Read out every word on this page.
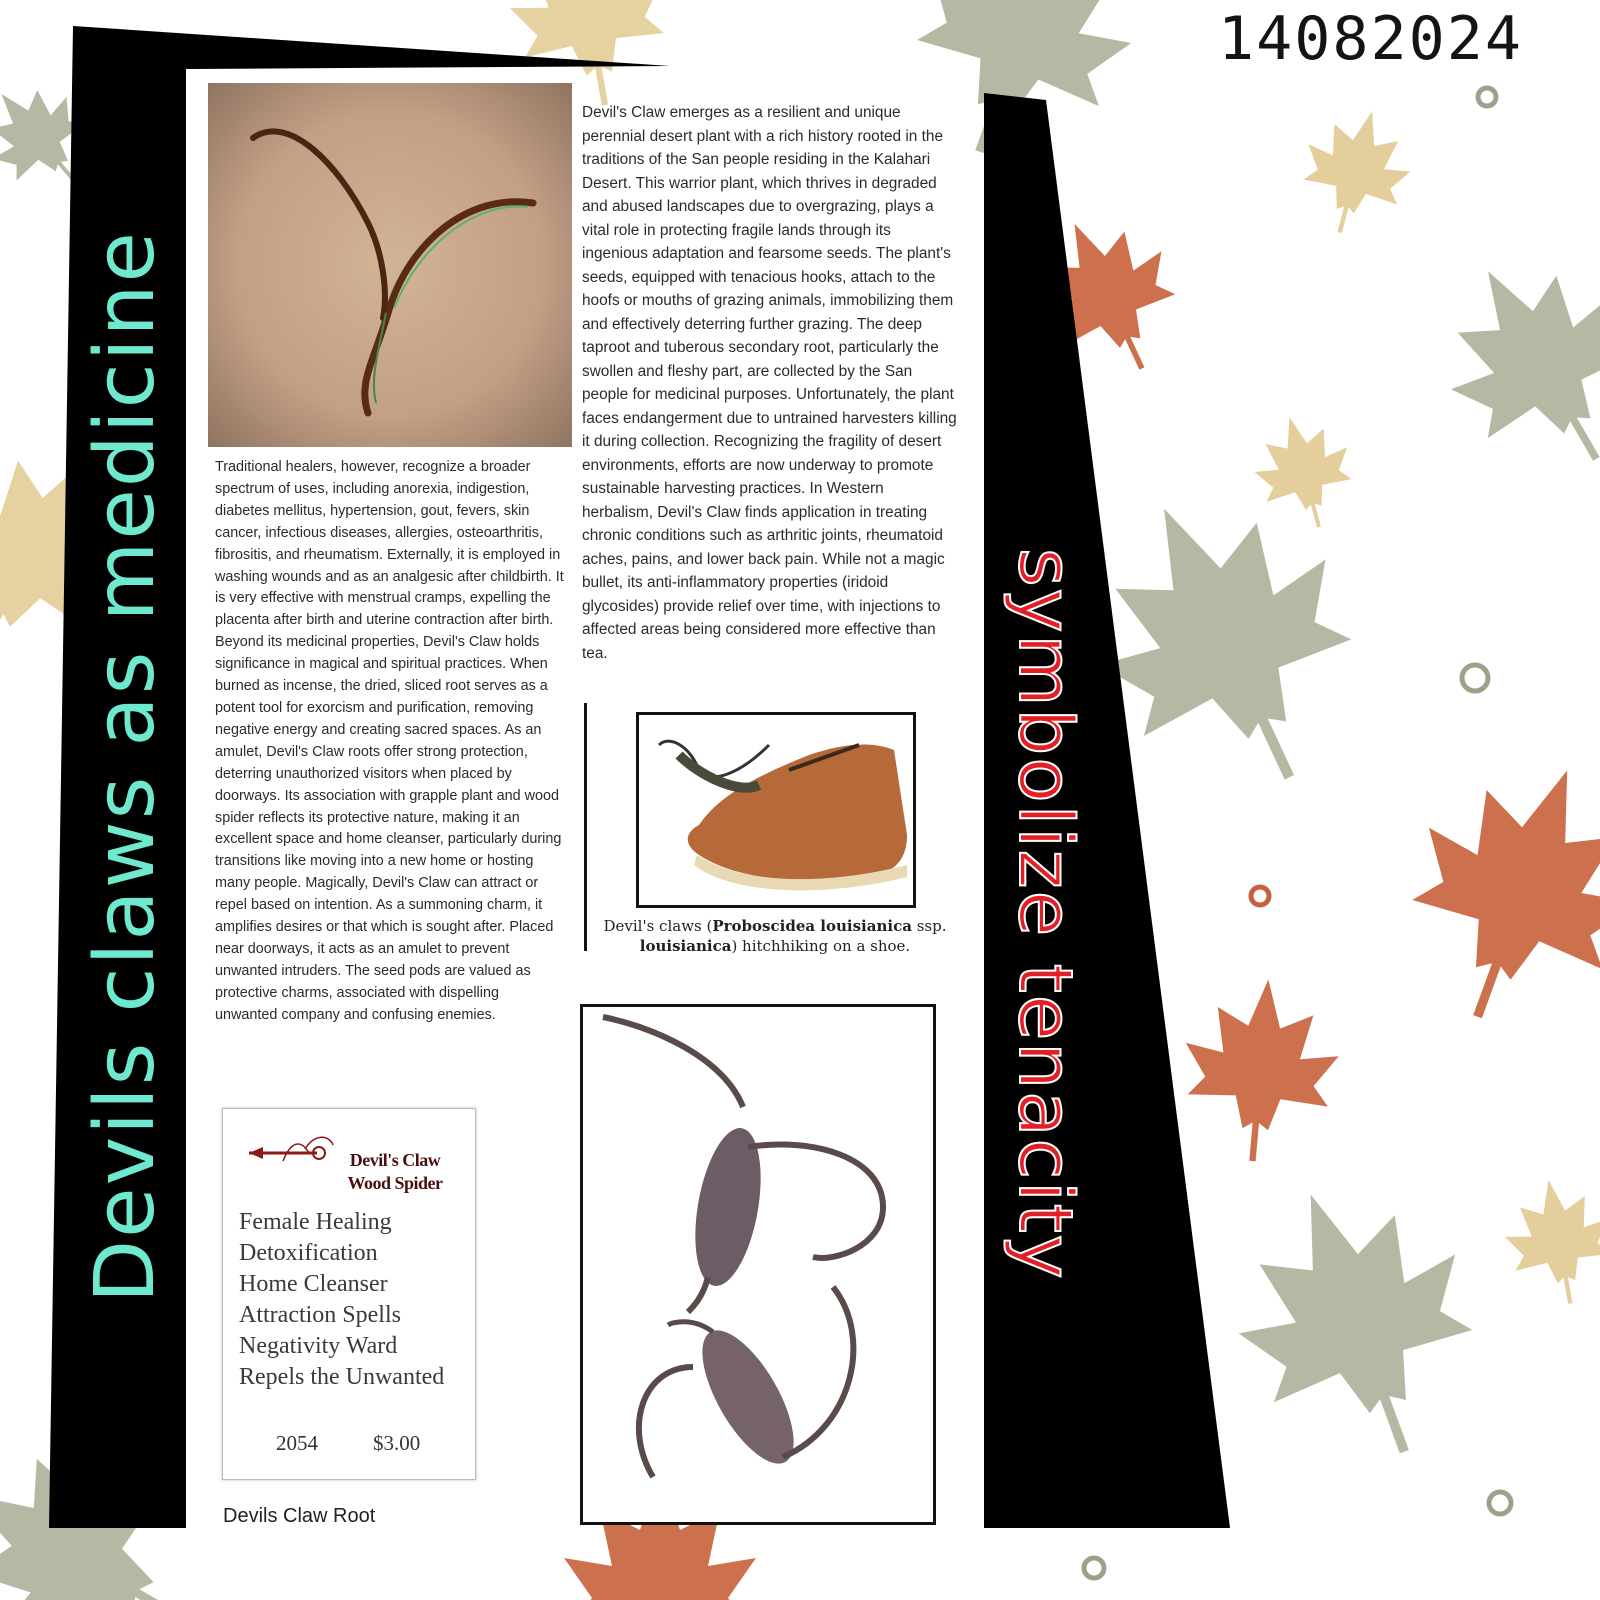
14082024
Devils claws as medicine	symbolize tenacity
Traditional healers, however, recognize a broader spectrum of uses, including anorexia, indigestion, diabetes mellitus, hypertension, gout, fevers, skin cancer, infectious diseases, allergies, osteoarthritis, fibrositis, and rheumatism. Externally, it is employed in washing wounds and as an analgesic after childbirth. It is very effective with menstrual cramps, expelling the placenta after birth and uterine contraction after birth. Beyond its medicinal properties, Devil's Claw holds significance in magical and spiritual practices. When burned as incense, the dried, sliced root serves as a potent tool for exorcism and purification, removing negative energy and creating sacred spaces. As an amulet, Devil's Claw roots offer strong protection, deterring unauthorized visitors when placed by doorways. Its association with grapple plant and wood spider reflects its protective nature, making it an excellent space and home cleanser, particularly during transitions like moving into a new home or hosting many people. Magically, Devil's Claw can attract or repel based on intention. As a summoning charm, it amplifies desires or that which is sought after. Placed near doorways, it acts as an amulet to prevent unwanted intruders. The seed pods are valued as protective charms, associated with dispelling unwanted company and confusing enemies.
Devil's Claw emerges as a resilient and unique perennial desert plant with a rich history rooted in the traditions of the San people residing in the Kalahari Desert. This warrior plant, which thrives in degraded and abused landscapes due to overgrazing, plays a vital role in protecting fragile lands through its ingenious adaptation and fearsome seeds. The plant's seeds, equipped with tenacious hooks, attach to the hoofs or mouths of grazing animals, immobilizing them and effectively deterring further grazing. The deep taproot and tuberous secondary root, particularly the swollen and fleshy part, are collected by the San people for medicinal purposes. Unfortunately, the plant faces endangerment due to untrained harvesters killing it during collection. Recognizing the fragility of desert environments, efforts are now underway to promote sustainable harvesting practices. In Western herbalism, Devil's Claw finds application in treating chronic conditions such as arthritic joints, rheumatoid aches, pains, and lower back pain. While not a magic bullet, its anti-inflammatory properties (iridoid glycosides) provide relief over time, with injections to affected areas being considered more effective than tea.
Devil's claws (Proboscidea louisianica ssp. louisianica) hitchhiking on a shoe.
Devil's Claw
Wood Spider
Female Healing
Detoxification
Home Cleanser
Attraction Spells
Negativity Ward
Repels the Unwanted
2054	$3.00
Devils Claw Root
